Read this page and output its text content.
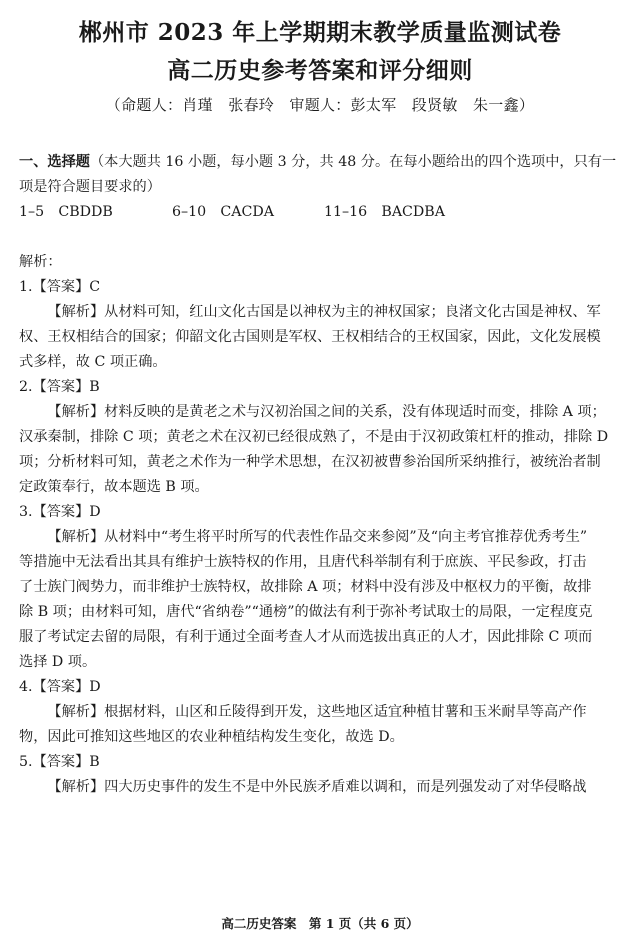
郴州市 2023 年上学期期末教学质量监测试卷
高二历史参考答案和评分细则
（命题人：肖瑾　张春玲　审题人：彭太军　段贤敏　朱一鑫）

一、选择题（本大题共 16 小题，每小题 3 分，共 48 分。在每小题给出的四个选项中，只有一

项是符合题目要求的）

1–5　CBDDB	6–10　CACDA	11–16　BACDBA

解析：

1.【答案】C

【解析】从材料可知，红山文化古国是以神权为主的神权国家；良渚文化古国是神权、军

权、王权相结合的国家；仰韶文化古国则是军权、王权相结合的王权国家，因此，文化发展模

式多样，故 C 项正确。

2.【答案】B

【解析】材料反映的是黄老之术与汉初治国之间的关系，没有体现适时而变，排除 A 项；

汉承秦制，排除 C 项；黄老之术在汉初已经很成熟了，不是由于汉初政策杠杆的推动，排除 D

项；分析材料可知，黄老之术作为一种学术思想，在汉初被曹参治国所采纳推行，被统治者制

定政策奉行，故本题选 B 项。

3.【答案】D

【解析】从材料中“考生将平时所写的代表性作品交来参阅”及“向主考官推荐优秀考生”

等措施中无法看出其具有维护士族特权的作用，且唐代科举制有利于庶族、平民参政，打击

了士族门阀势力，而非维护士族特权，故排除 A 项；材料中没有涉及中枢权力的平衡，故排

除 B 项；由材料可知，唐代“省纳卷”“通榜”的做法有利于弥补考试取士的局限，一定程度克

服了考试定去留的局限，有利于通过全面考查人才从而选拔出真正的人才，因此排除 C 项而

选择 D 项。

4.【答案】D

【解析】根据材料，山区和丘陵得到开发，这些地区适宜种植甘薯和玉米耐旱等高产作

物，因此可推知这些地区的农业种植结构发生变化，故选 D。

5.【答案】B

【解析】四大历史事件的发生不是中外民族矛盾难以调和，而是列强发动了对华侵略战

高二历史答案　第 1 页（共 6 页）
